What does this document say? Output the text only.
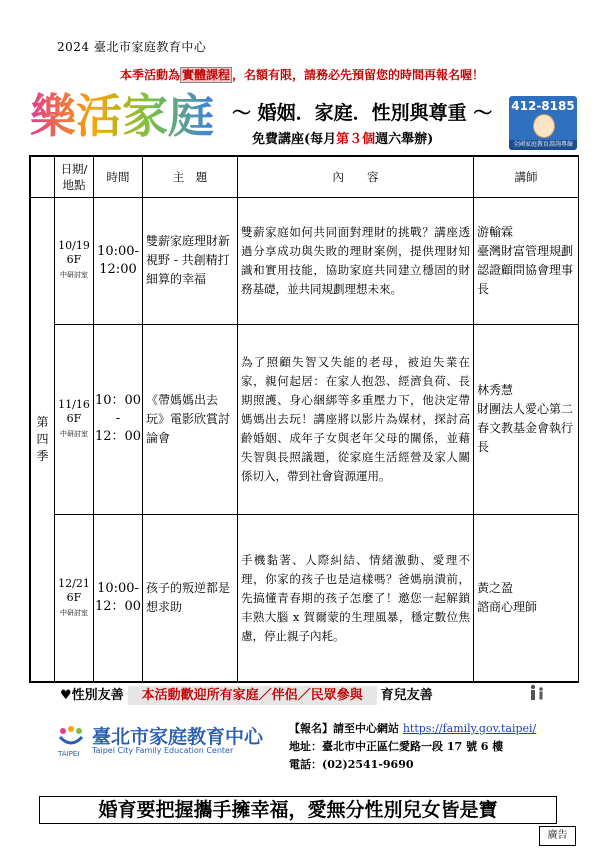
2024 臺北市家庭教育中心
本季活動為 實體課程 ，名額有限，請務必先預留您的時間再報名喔！
樂活家庭 ～ 婚姻．家庭．性別與尊重 ～
免費講座(每月第３個週六舉辦)
412-8185
全國家庭教育諮詢專線
	日期/
地點	時間	主　題	內　　容	講師
第
四
季	10/19
6F
中研討室	10:00-
12:00	雙薪家庭理財新視野 - 共創精打細算的幸福	雙薪家庭如何共同面對理財的挑戰？講座透過分享成功與失敗的理財案例，提供理財知識和實用技能，協助家庭共同建立穩固的財務基礎，並共同規劃理想未來。	游輸霖
臺灣財富管理規劃認證顧問協會理事長
	11/16
6F
中研討室	10：00
-
12：00	《帶媽媽出去玩》電影欣賞討論會	為了照顧失智又失能的老母，被迫失業在家，親何起居：在家人抱怨、經濟負荷、長期照護、身心綑綁等多重壓力下，他決定帶媽媽出去玩！講座將以影片為媒材，探討高齡婚姻、成年子女與老年父母的關係，並藉失智與長照議題，從家庭生活經營及家人關係切入，帶到社會資源運用。	林秀慧
財團法人愛心第二春文教基金會執行長
	12/21
6F
中研討室	10:00-
12：00	孩子的叛逆都是想求助	手機黏著、人際糾結、情緒激動、愛理不理，你家的孩子也是這樣嗎？爸媽崩潰前，先搞懂青春期的孩子怎麼了！邀您一起解鎖丰熟大腦 x 賀爾蒙的生理風暴，穩定數位焦慮，停止親子內耗。	黃之盈
諮商心理師
♥性別友善 本活動歡迎所有家庭／伴侶／民眾參與 育兒友善
TAIPEI
臺北市家庭教育中心
Taipei City Family Education Center
【報名】請至中心網站 https://family.gov.taipei/
地址：臺北市中正區仁愛路一段 17 號 6 樓
電話：(02)2541-9690
婚育要把握攜手擁幸福，愛無分性別兒女皆是寶
廣告
